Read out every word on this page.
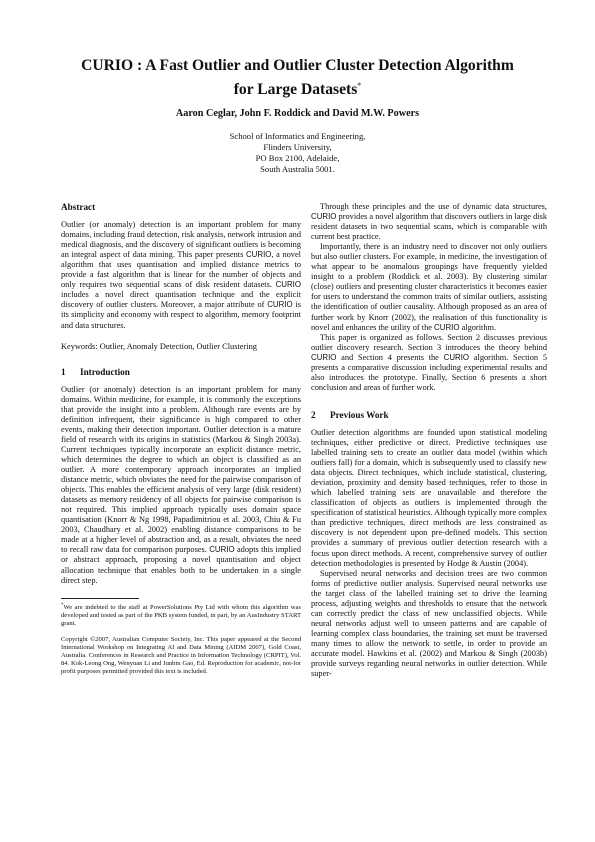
CURIO : A Fast Outlier and Outlier Cluster Detection Algorithm
for Large Datasets*
Aaron Ceglar, John F. Roddick and David M.W. Powers
School of Informatics and Engineering,
Flinders University,
PO Box 2100, Adelaide,
South Australia 5001.

Abstract

Outlier (or anomaly) detection is an important problem for many domains, including fraud detection, risk analysis, network intrusion and medical diagnosis, and the discovery of significant outliers is becoming an integral aspect of data mining. This paper presents CURIO, a novel algorithm that uses quantisation and implied distance metrics to provide a fast algorithm that is linear for the number of objects and only requires two sequential scans of disk resident datasets. CURIO includes a novel direct quantisation technique and the explicit discovery of outlier clusters. Moreover, a major attribute of CURIO is its simplicity and economy with respect to algorithm, memory footprint and data structures.

Keywords: Outlier, Anomaly Detection, Outlier Clustering

1 Introduction

Outlier (or anomaly) detection is an important problem for many domains. Within medicine, for example, it is commonly the exceptions that provide the insight into a problem. Although rare events are by definition infrequent, their significance is high compared to other events, making their detection important. Outlier detection is a mature field of research with its origins in statistics (Markou & Singh 2003a). Current techniques typically incorporate an explicit distance metric, which determines the degree to which an object is classified as an outlier. A more contemporary approach incorporates an implied distance metric, which obviates the need for the pairwise comparison of objects. This enables the efficient analysis of very large (disk resident) datasets as memory residency of all objects for pairwise comparison is not required. This implied approach typically uses domain space quantisation (Knorr & Ng 1998, Papadimitriou et al. 2003, Chiu & Fu 2003, Chaudhary et al. 2002) enabling distance comparisons to be made at a higher level of abstraction and, as a result, obviates the need to recall raw data for comparison purposes. CURIO adopts this implied or abstract approach, proposing a novel quantisation and object allocation technique that enables both to be undertaken in a single direct step.

*We are indebted to the staff at PowerSolutions Pty Ltd with whom this algorithm was developed and tested as part of the PKB system funded, in part, by an AusIndustry START grant.

Copyright ©2007, Australian Computer Society, Inc. This paper appeared at the Second International Workshop on Integrating AI and Data Mining (AIDM 2007), Gold Coast, Australia. Conferences in Research and Practice in Information Technology (CRPIT), Vol. 84. Kok-Leong Ong, Wenyuan Li and Junbin Gao, Ed. Reproduction for academic, not-for profit purposes permitted provided this text is included.

Through these principles and the use of dynamic data structures, CURIO provides a novel algorithm that discovers outliers in large disk resident datasets in two sequential scans, which is comparable with current best practice.

Importantly, there is an industry need to discover not only outliers but also outlier clusters. For example, in medicine, the investigation of what appear to be anomalous groupings have frequently yielded insight to a problem (Roddick et al. 2003). By clustering similar (close) outliers and presenting cluster characteristics it becomes easier for users to understand the common traits of similar outliers, assisting the identification of outlier causality. Although proposed as an area of further work by Knorr (2002), the realisation of this functionality is novel and enhances the utility of the CURIO algorithm.

This paper is organized as follows. Section 2 discusses previous outlier discovery research. Section 3 introduces the theory behind CURIO and Section 4 presents the CURIO algorithm. Section 5 presents a comparative discussion including experimental results and also introduces the prototype. Finally, Section 6 presents a short conclusion and areas of further work.

2 Previous Work

Outlier detection algorithms are founded upon statistical modeling techniques, either predictive or direct. Predictive techniques use labelled training sets to create an outlier data model (within which outliers fall) for a domain, which is subsequently used to classify new data objects. Direct techniques, which include statistical, clustering, deviation, proximity and density based techniques, refer to those in which labelled training sets are unavailable and therefore the classification of objects as outliers is implemented through the specification of statistical heuristics. Although typically more complex than predictive techniques, direct methods are less constrained as discovery is not dependent upon pre-defined models. This section provides a summary of previous outlier detection research with a focus upon direct methods. A recent, comprehensive survey of outlier detection methodologies is presented by Hodge & Austin (2004).

Supervised neural networks and decision trees are two common forms of predictive outlier analysis. Supervised neural networks use the target class of the labelled training set to drive the learning process, adjusting weights and thresholds to ensure that the network can correctly predict the class of new unclassified objects. While neural networks adjust well to unseen patterns and are capable of learning complex class boundaries, the training set must be traversed many times to allow the network to settle, in order to provide an accurate model. Hawkins et al. (2002) and Markou & Singh (2003b) provide surveys regarding neural networks in outlier detection. While super-
